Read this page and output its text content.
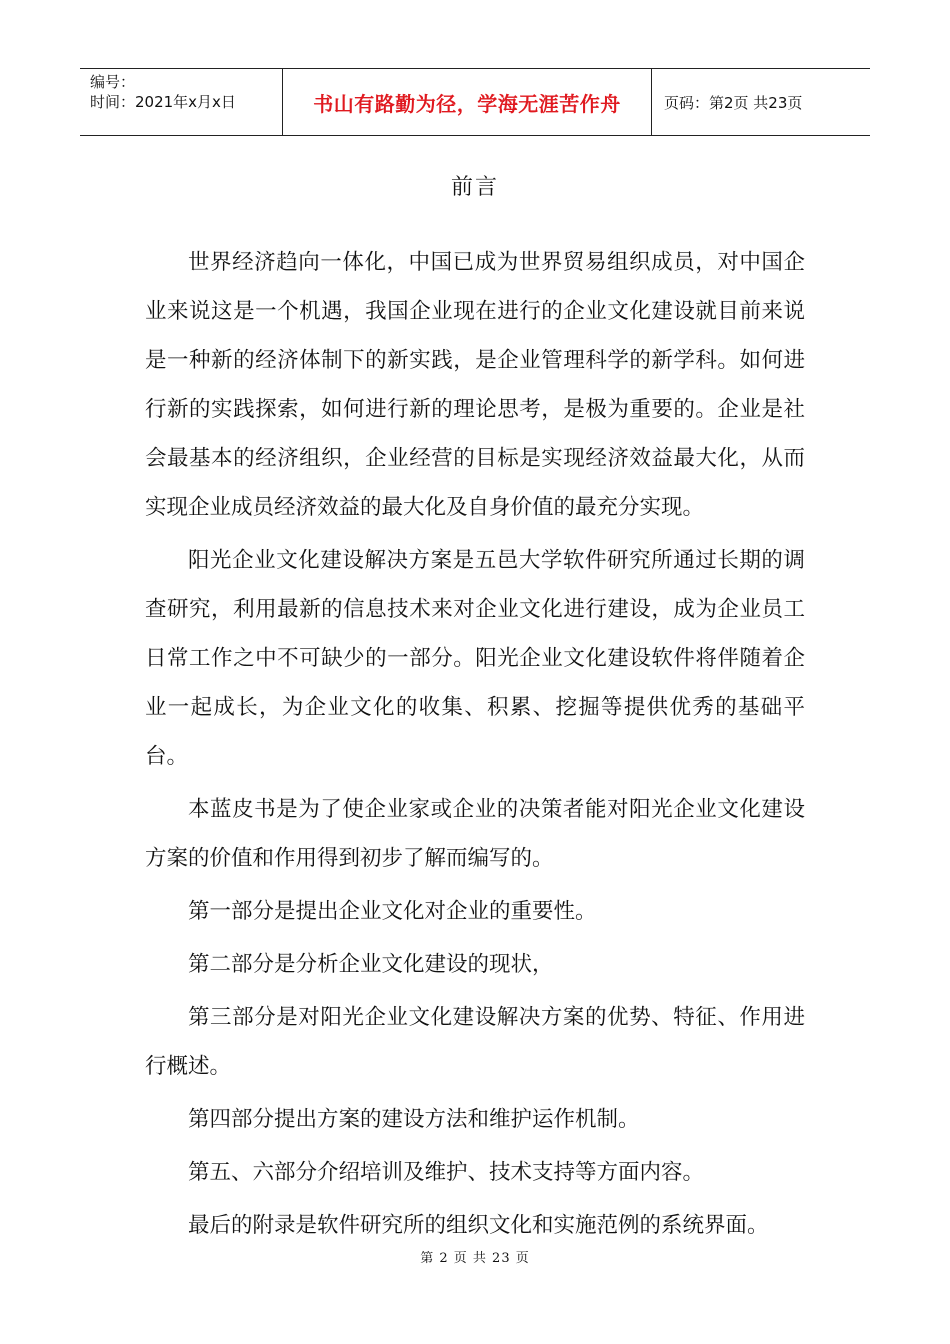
编号：
时间：2021年x月x日	书山有路勤为径，学海无涯苦作舟	页码：第2页 共23页
前言

世界经济趋向一体化，中国已成为世界贸易组织成员，对中国企业来说这是一个机遇，我国企业现在进行的企业文化建设就目前来说是一种新的经济体制下的新实践，是企业管理科学的新学科。如何进行新的实践探索，如何进行新的理论思考，是极为重要的。企业是社会最基本的经济组织，企业经营的目标是实现经济效益最大化，从而实现企业成员经济效益的最大化及自身价值的最充分实现。

阳光企业文化建设解决方案是五邑大学软件研究所通过长期的调查研究，利用最新的信息技术来对企业文化进行建设，成为企业员工日常工作之中不可缺少的一部分。阳光企业文化建设软件将伴随着企业一起成长，为企业文化的收集、积累、挖掘等提供优秀的基础平台。

本蓝皮书是为了使企业家或企业的决策者能对阳光企业文化建设方案的价值和作用得到初步了解而编写的。

第一部分是提出企业文化对企业的重要性。

第二部分是分析企业文化建设的现状，

第三部分是对阳光企业文化建设解决方案的优势、特征、作用进行概述。

第四部分提出方案的建设方法和维护运作机制。

第五、六部分介绍培训及维护、技术支持等方面内容。

最后的附录是软件研究所的组织文化和实施范例的系统界面。

第 2 页 共 23 页
